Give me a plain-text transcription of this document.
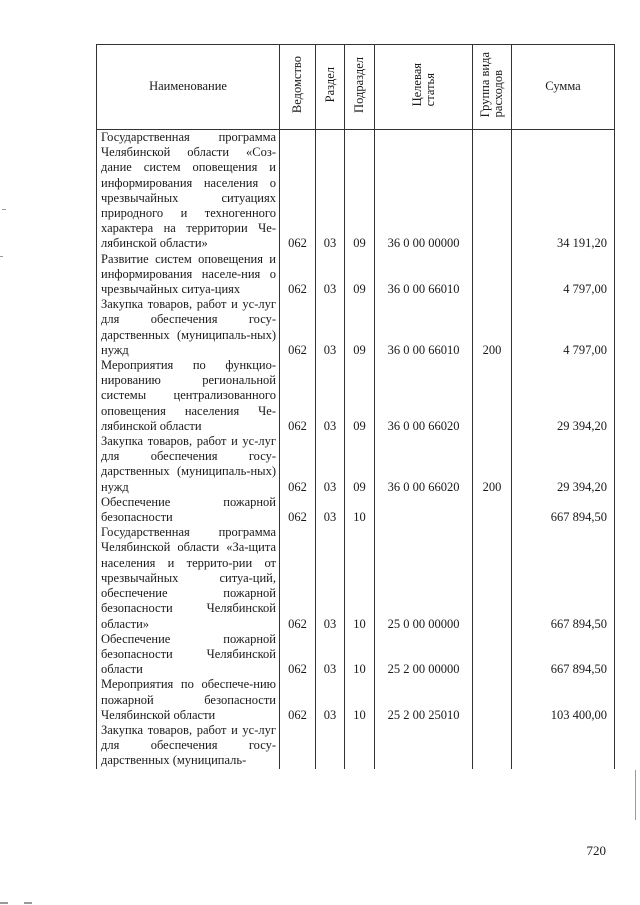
Наименование	Ведомство	Раздел	Подраздел	Целеваястатья	Группа видарасходов	Сумма
Государственная программа Челябинской области «Соз-дание систем оповещения и информирования населения о чрезвычайных ситуациях природного и техногенного характера на территории Че-лябинской области»	062	03	09	36 0 00 00000		34 191,20
Развитие систем оповещения и информирования населе-ния о чрезвычайных ситуа-циях	062	03	09	36 0 00 66010		4 797,00
Закупка товаров, работ и ус-луг для обеспечения госу-дарственных (муниципаль-ных) нужд	062	03	09	36 0 00 66010	200	4 797,00
Мероприятия по функцио-нированию региональной системы централизованного оповещения населения Че-лябинской области	062	03	09	36 0 00 66020		29 394,20
Закупка товаров, работ и ус-луг для обеспечения госу-дарственных (муниципаль-ных) нужд	062	03	09	36 0 00 66020	200	29 394,20
Обеспечение пожарной безопасности	062	03	10			667 894,50
Государственная программа Челябинской области «За-щита населения и террито-рии от чрезвычайных ситуа-ций, обеспечение пожарной безопасности Челябинской области»	062	03	10	25 0 00 00000		667 894,50
Обеспечение пожарной безопасности Челябинской области	062	03	10	25 2 00 00000		667 894,50
Мероприятия по обеспече-нию пожарной безопасности Челябинской области	062	03	10	25 2 00 25010		103 400,00
Закупка товаров, работ и ус-луг для обеспечения госу-дарственных (муниципаль-						
720
